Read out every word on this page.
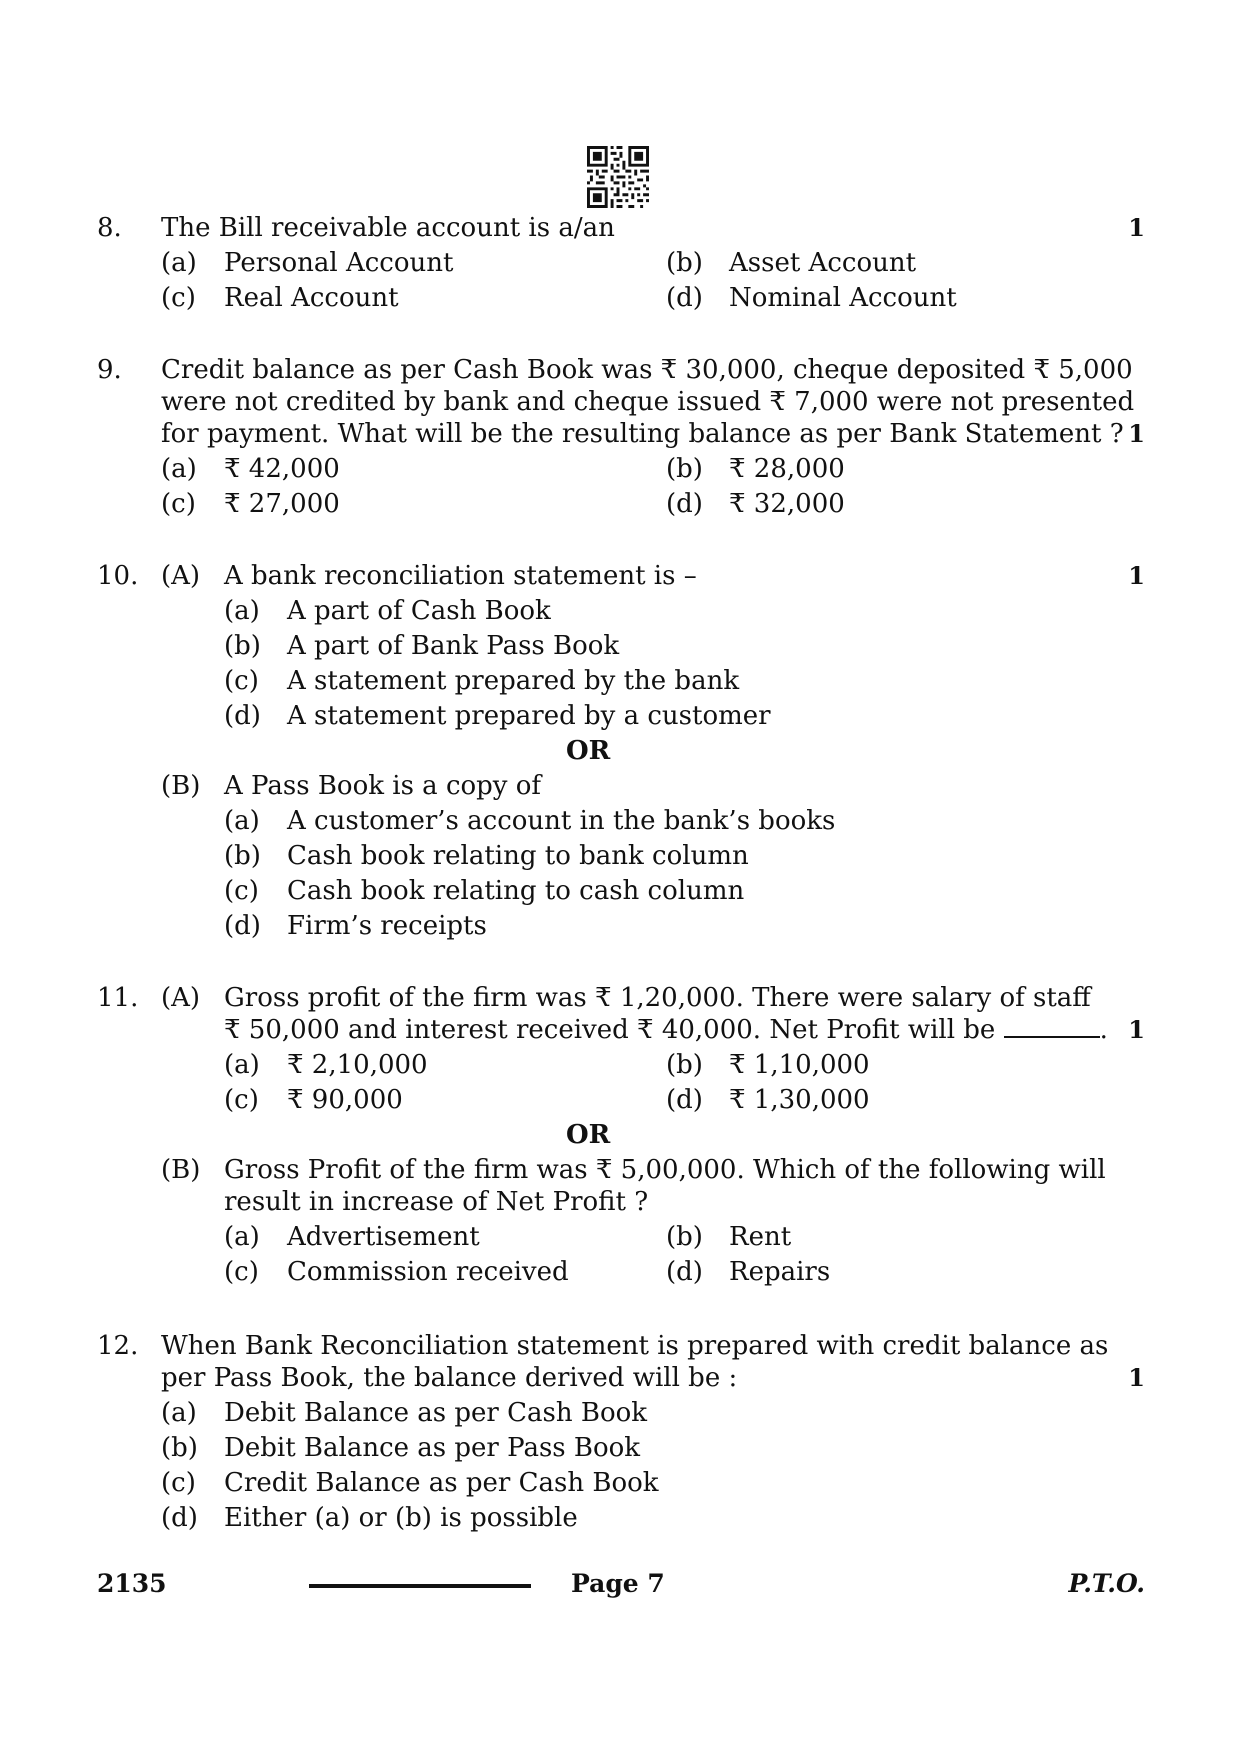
8. The Bill receivable account is a/an	1
(a) Personal Account	(b) Asset Account
(c) Real Account	(d) Nominal Account
9. Credit balance as per Cash Book was ₹ 30,000, cheque deposited ₹ 5,000
were not credited by bank and cheque issued ₹ 7,000 were not presented
for payment. What will be the resulting balance as per Bank Statement ? 1
(a) ₹ 42,000	(b) ₹ 28,000
(c) ₹ 27,000	(d) ₹ 32,000
10. (A) A bank reconciliation statement is –	1
(a) A part of Cash Book
(b) A part of Bank Pass Book
(c) A statement prepared by the bank
(d) A statement prepared by a customer
OR
(B) A Pass Book is a copy of
(a) A customer’s account in the bank’s books
(b) Cash book relating to bank column
(c) Cash book relating to cash column
(d) Firm’s receipts
11. (A) Gross profit of the firm was ₹ 1,20,000. There were salary of staff
₹ 50,000 and interest received ₹ 40,000. Net Profit will be	. 1
(a) ₹ 2,10,000	(b) ₹ 1,10,000
(c) ₹ 90,000	(d) ₹ 1,30,000
OR
(B) Gross Profit of the firm was ₹ 5,00,000. Which of the following will
result in increase of Net Profit ?
(a) Advertisement	(b) Rent
(c) Commission received	(d) Repairs
12. When Bank Reconciliation statement is prepared with credit balance as
per Pass Book, the balance derived will be :	1
(a) Debit Balance as per Cash Book
(b) Debit Balance as per Pass Book
(c) Credit Balance as per Cash Book
(d) Either (a) or (b) is possible
2135	Page 7	P.T.O.
